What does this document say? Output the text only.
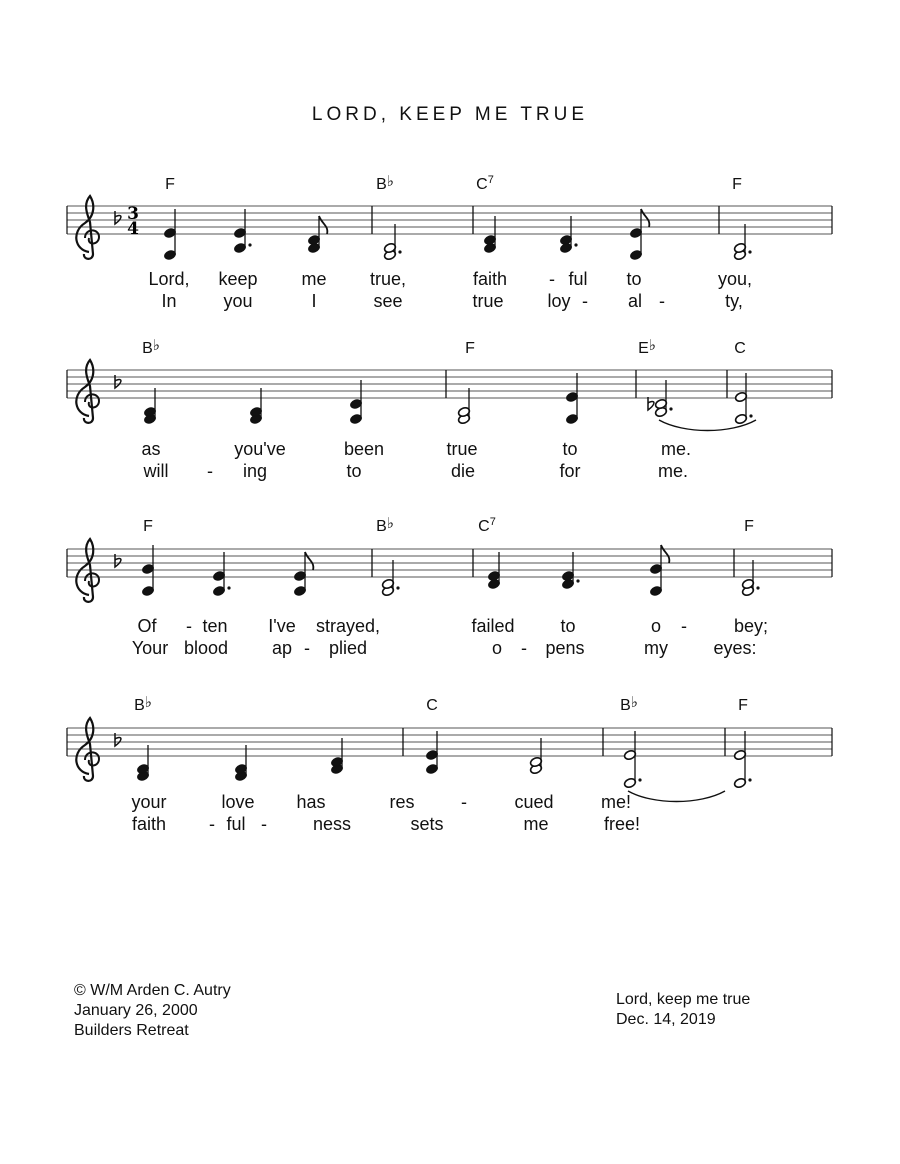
LORD, KEEP ME TRUE
3
4
F	B♭	$C^7$	F
Lord, keep me true,	faith - ful to	you,
In	you	I	see	true loy - al -	ty,
B♭	F	E♭	C
as	you've	been	true	to	me.
will - ing	to	die	for	me.
F	B♭	$C^7$	F
Of - ten I've strayed,	failed	to	o -	bey;
Your blood ap - plied	o - pens	my	eyes:
B♭	C	B♭	F
your	love has	res	-	cued	me!
faith - ful -	ness	sets	me	free!
© W/M Arden C. Autry
January 26, 2000
Builders Retreat
Lord, keep me true
Dec. 14, 2019
